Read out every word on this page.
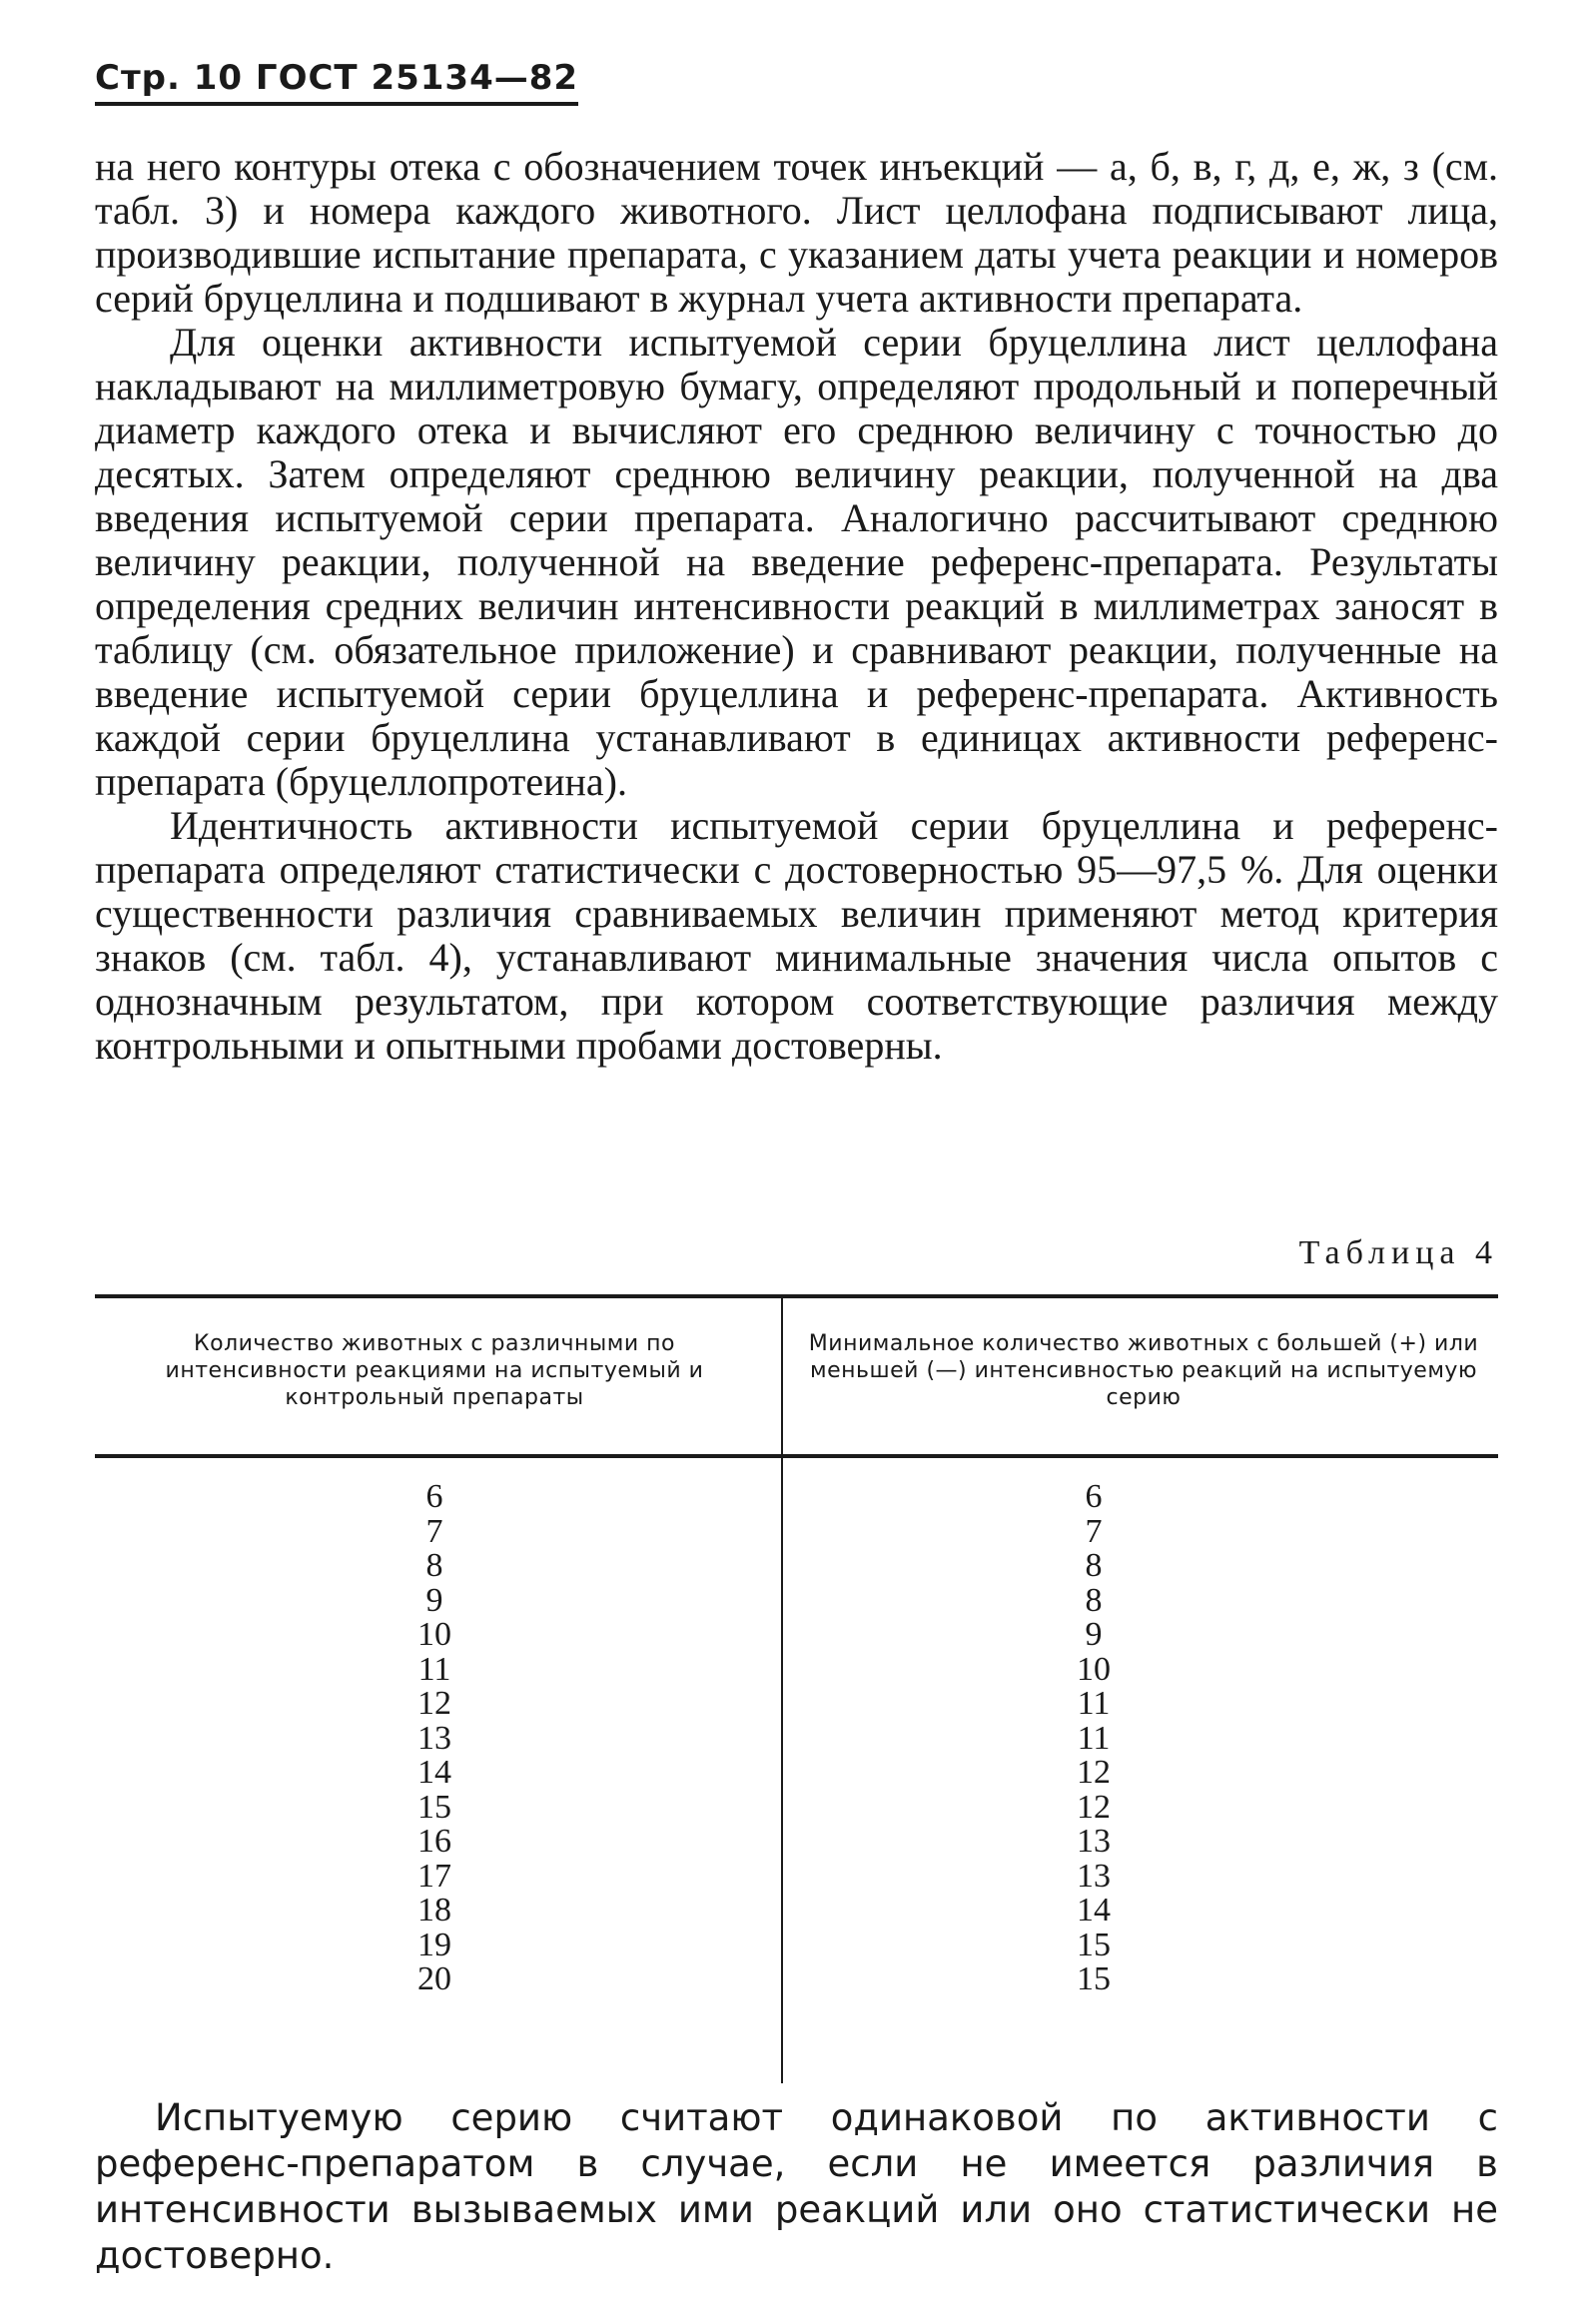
Стр. 10 ГОСТ 25134—82

на него контуры отека с обозначением точек инъекций — а, б, в, г, д, е, ж, з (см. табл. 3) и номера каждого животного. Лист целлофана подписывают лица, производившие испытание препарата, с указанием даты учета реакции и номеров серий бруцеллина и подшивают в журнал учета активности препарата.

Для оценки активности испытуемой серии бруцеллина лист целлофана накладывают на миллиметровую бумагу, определяют продольный и поперечный диаметр каждого отека и вычисляют его среднюю величину с точностью до десятых. Затем определяют среднюю величину реакции, полученной на два введения испытуемой серии препарата. Аналогично рассчитывают среднюю величину реакции, полученной на введение референс-препарата. Результаты определения средних величин интенсивности реакций в миллиметрах заносят в таблицу (см. обязательное приложение) и сравнивают реакции, полученные на введение испытуемой серии бруцеллина и референс-препарата. Активность каждой серии бруцеллина устанавливают в единицах активности референс-препарата (бруцеллопротеина).

Идентичность активности испытуемой серии бруцеллина и референс-препарата определяют статистически с достоверностью 95—97,5 %. Для оценки существенности различия сравниваемых величин применяют метод критерия знаков (см. табл. 4), устанавливают минимальные значения числа опытов с однозначным результатом, при котором соответствующие различия между контрольными и опытными пробами достоверны.

Таблица 4
Количество животных с различными по интенсивности реакциями на испытуемый и контрольный препараты
Минимальное количество животных с большей (+) или меньшей (—) интенсивностью реакций на испытуемую серию
6
7
8
9
10
11
12
13
14
15
16
17
18
19
20
6
7
8
8
9
10
11
11
12
12
13
13
14
15
15

Испытуемую серию считают одинаковой по активности с референс-препаратом в случае, если не имеется различия в интенсивности вызываемых ими реакций или оно статистически не достоверно.
